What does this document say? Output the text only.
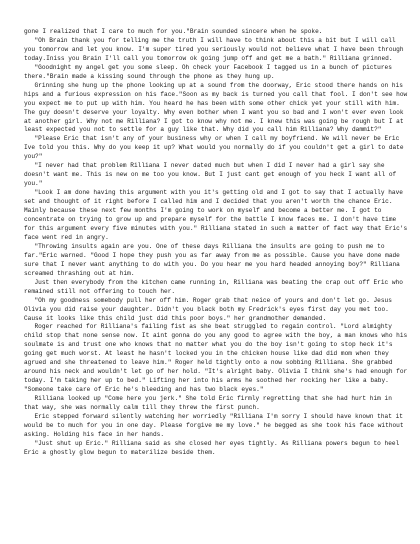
gone I realized that I care to much for you."Brain sounded sincere when he spoke.

"Oh Brain thank you for telling me the truth I will have to think about this a bit but I will call you tomorrow and let you know. I'm super tired you seriously would not believe what I have been through today.Iniss you Brain I'll call you tomorrow ok going jump off and get me a bath." Rilliana grinned.

"Goodnight my angel get you some sleep. Oh check your Facebook I tagged us in a bunch of pictures there."Brain made a kissing sound through the phone as they hung up.

Grinning she hung up the phone looking up at a sound from the doorway, Eric stood there hands on his hips and a furious expression on his face."Soon as my back is turned you call that fool. I don't see how you expect me to put up with him. You heard he has been with some other chick yet your still with him. The guy doesn't deserve your loyalty. Why even bother when I want you so bad and I won't ever even look at another girl. Why not me Rilliana? I got to know why not me. I knew this was going be rough but I at least expected you not to settle for a guy like that. Why did you call him Rilliana? Why dammit?"

"Please Eric that isn't any of your business why or when I call my boyfriend. We will never be Eric Ive told you this. Why do you keep it up? What would you normally do if you couldn't get a girl to date you?"

"I never had that problem Rilliana I never dated much but when I did I never had a girl say she doesn't want me. This is new on me too you know. But I just cant get enough of you heck I want all of you."

"Look I am done having this argument with you it's getting old and I got to say that I actually have set and thought of it right before I called him and I decided that you aren't worth the chance Eric. Mainly because these next few months I'm going to work on myself and become a better me. I got to concentrate on trying to grow up and prepare myself for the battle I know faces me. I don't have time for this argument every five minutes with you." Rilliana stated in such a matter of fact way that Eric's face went red in angry.

"Throwing insults again are you. One of these days Rilliana the insults are going to push me to far."Eric warned. "Good I hope they push you as far away from me as possible. Cause you have done made sure that I never want anything to do with you. Do you hear me you hard headed annoying boy?" Rilliana screamed thrashing out at him.

Just then everybody from the kitchen came running in, Rilliana was beating the crap out off Eric who remained still not offering to touch her.

"Oh my goodness somebody pull her off him. Roger grab that neice of yours and don't let go. Jesus Olivia you did raise your daughter. Didn't you black both my Fredrick's eyes first day you met too. Cause it looks like this child just did this poor boys." her grandmother demanded.

Roger reached for Rilliana's failing fist as she beat struggled to regain control. "Lord almighty child stop that none sense now. It aint gonna do you any good to agree with the boy, a man knows who his soulmate is and trust one who knows that no matter what you do the boy isn't going to stop heck it's going get much worst. At least he hasn't locked you in the chicken house like dad did mom when they agrued and she threatened to leave him." Roger held tightly onto a now sobbing Rilliana. She grabbed around his neck and wouldn't let go of her hold. "It's alright baby. Olivia I think she's had enough for today. I'm taking her up to bed." Lifting her into his arms he soothed her rocking her like a baby. "Someone take care of Eric he's bleeding and has two black eyes."

Rilliana looked up "Come here you jerk." She told Eric firmly regretting that she had hurt him in that way, she was normally calm till they threw the first punch.

Eric stepped forward silently watching her worriedly "Rilliana I'm sorry I should have known that it would be to much for you in one day. Please forgive me my love." he begged as she took his face without asking. Holding his face in her hands.

"Just shut up Eric." Rilliana said as she closed her eyes tightly. As Rilliana powers begun to heel Eric a ghostly glow begun to materilize beside them.
